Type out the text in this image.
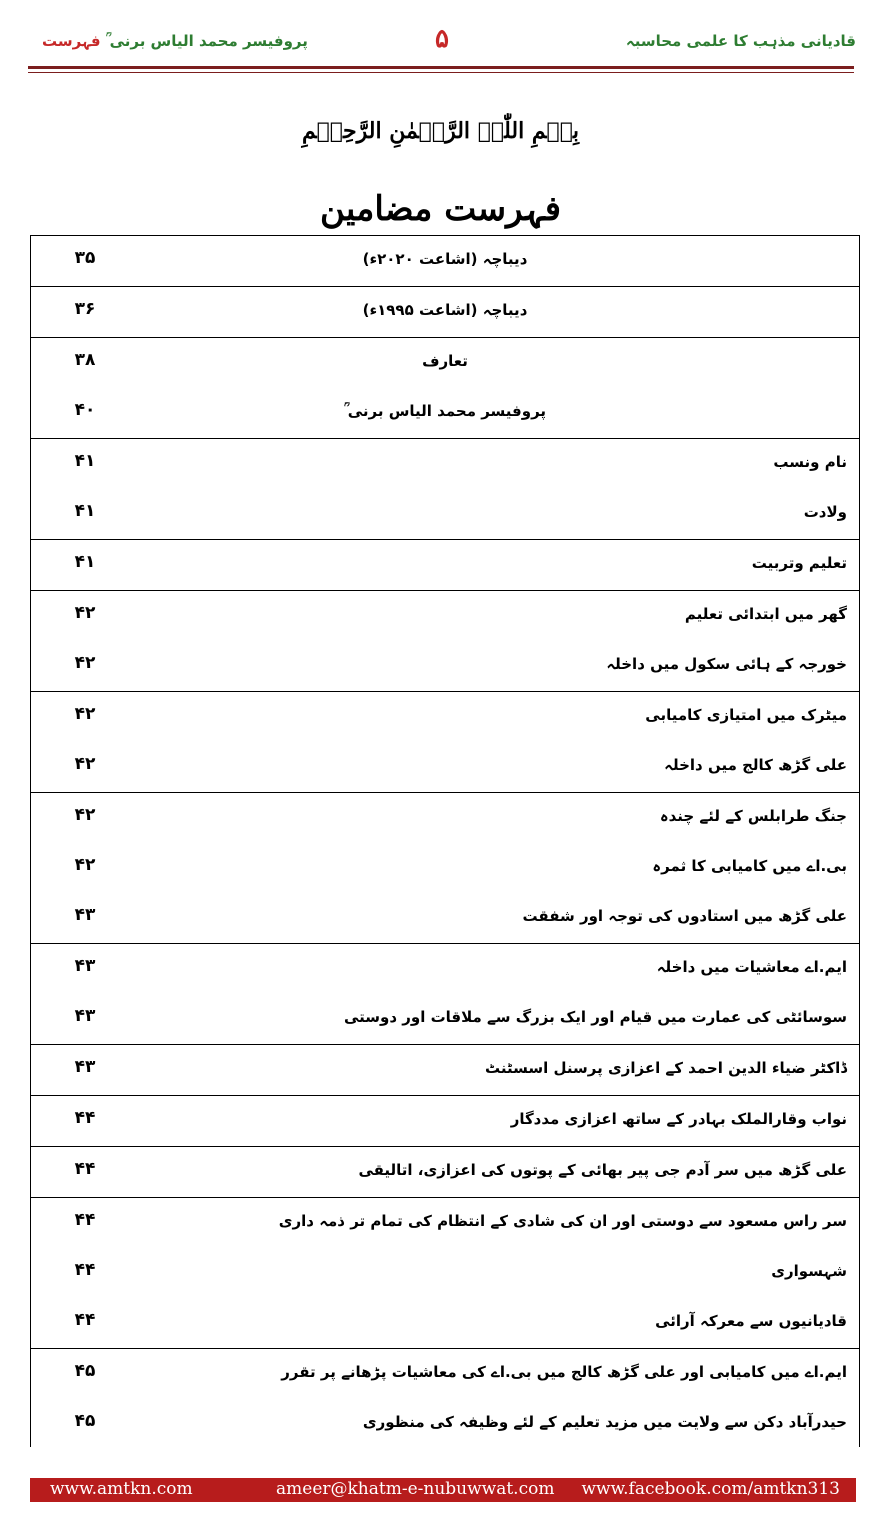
قادیانی مذہب کا علمی محاسبہ
۵
پروفیسر محمد الیاس برنی ؒ فہرست
بِسۡمِ اللّٰہِ الرَّحۡمٰنِ الرَّحِیۡمِ
فہرست مضامین
دیباچہ (اشاعت ۲۰۲۰ء)
۳۵
دیباچہ (اشاعت ۱۹۹۵ء)
۳۶
تعارف
۳۸
پروفیسر محمد الیاس برنی ؒ
۴۰
نام ونسب
۴۱
ولادت
۴۱
تعلیم وتربیت
۴۱
گھر میں ابتدائی تعلیم
۴۲
خورجہ کے ہائی سکول میں داخلہ
۴۲
میٹرک میں امتیازی کامیابی
۴۲
علی گڑھ کالج میں داخلہ
۴۲
جنگ طرابلس کے لئے چندہ
۴۲
بی.اے میں کامیابی کا ثمرہ
۴۲
علی گڑھ میں استادوں کی توجہ اور شفقت
۴۳
ایم.اے معاشیات میں داخلہ
۴۳
سوسائٹی کی عمارت میں قیام اور ایک بزرگ سے ملاقات اور دوستی
۴۳
ڈاکٹر ضیاء الدین احمد کے اعزازی پرسنل اسسٹنٹ
۴۳
نواب وقارالملک بہادر کے ساتھ اعزازی مددگار
۴۴
علی گڑھ میں سر آدم جی پیر بھائی کے پوتوں کی اعزازی، اتالیقی
۴۴
سر راس مسعود سے دوستی اور ان کی شادی کے انتظام کی تمام تر ذمہ داری
۴۴
شہسواری
۴۴
قادیانیوں سے معرکہ آرائی
۴۴
ایم.اے میں کامیابی اور علی گڑھ کالج میں بی.اے کی معاشیات پڑھانے پر تقرر
۴۵
حیدرآباد دکن سے ولایت میں مزید تعلیم کے لئے وظیفہ کی منظوری
۴۵
www.amtkn.com	ameer@khatm-e-nubuwwat.com www.facebook.com/amtkn313
